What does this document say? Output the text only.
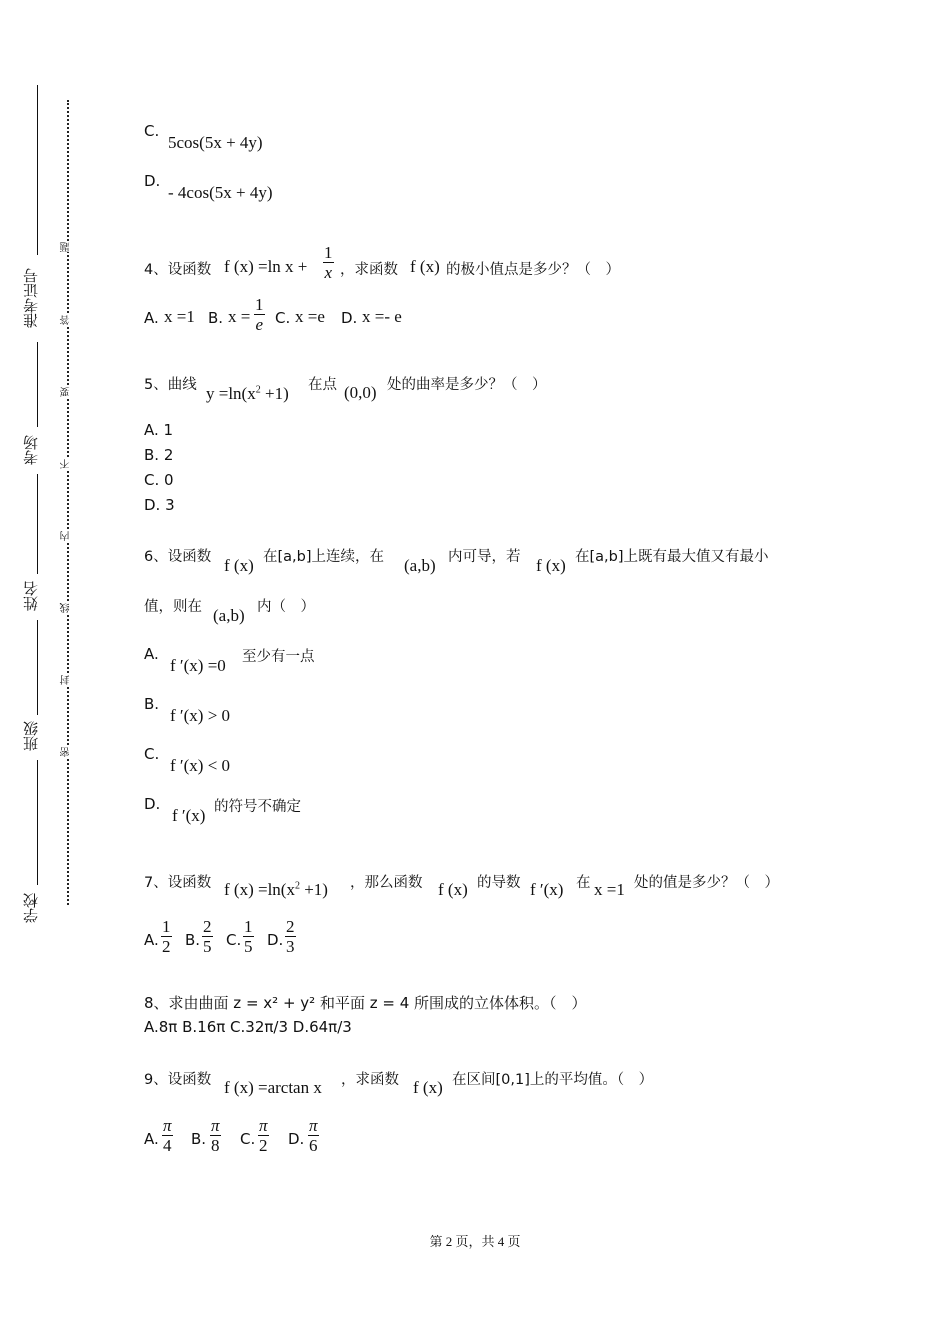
准考证号
考场
姓名
班级
学校
题
答
要
不
内
线
封
密
C.
5cos(5x + 4y)
D.
- 4cos(5x + 4y)
4、设函数 f (x) =ln $x + \frac{1}{x}$ ，求函数 f (x) 的极小值点是多少？（　）
A. x =1 B. $x = \frac{1}{e} C$. x =e D. x =- e
5、曲线 $y =\ln(x^2 +1)$ 在点 (0,0) 处的曲率是多少？（　）
A. 1
B. 2
C. 0
D. 3
6、设函数 f (x) 在[a,b]上连续，在 (a,b) 内可导，若 f (x) 在[a,b]上既有最大值又有最小
值，则在 (a,b) 内（　）
A.
f ′(x) =0 至少有一点
B.
f ′(x) > 0
C.
f ′(x) < 0
D.
f ′(x) 的符号不确定
7、设函数 f $(x) =\ln(x^2 +1)$ ，那么函数 f (x) 的导数 f ′(x) 在 x =1 处的值是多少？（　）
A. $\frac{1}{2} B$. $\frac{2}{5} C$. $\frac{1}{5} D$. $\frac{2}{3}$
8、求由曲面 z = x² + y² 和平面 z = 4 所围成的立体体积。（　）
A.8π B.16π C.32π/3 D.64π/3
9、设函数 f (x) =arctan x ，求函数 f (x) 在区间[0,1]上的平均值。（　）
A. $\frac{\pi}{4} B$. $\frac{\pi}{8} C$. $\frac{\pi}{2} D$. $\frac{\pi}{6}$
第 2 页，共 4 页
